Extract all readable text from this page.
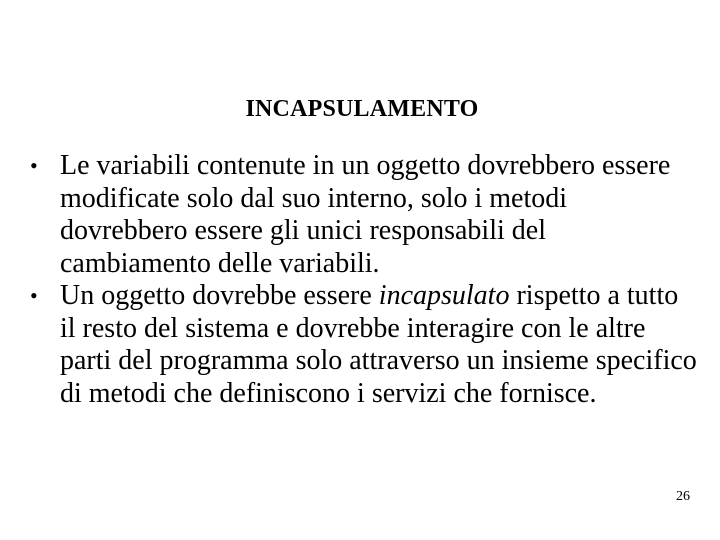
INCAPSULAMENTO
• Le variabili contenute in un oggetto dovrebbero essere modificate solo dal suo interno, solo i metodi dovrebbero essere gli unici responsabili del cambiamento delle variabili.
• Un oggetto dovrebbe essere incapsulato rispetto a tutto il resto del sistema e dovrebbe interagire con le altre parti del programma solo attraverso un insieme specifico di metodi che definiscono i servizi che fornisce.
26
